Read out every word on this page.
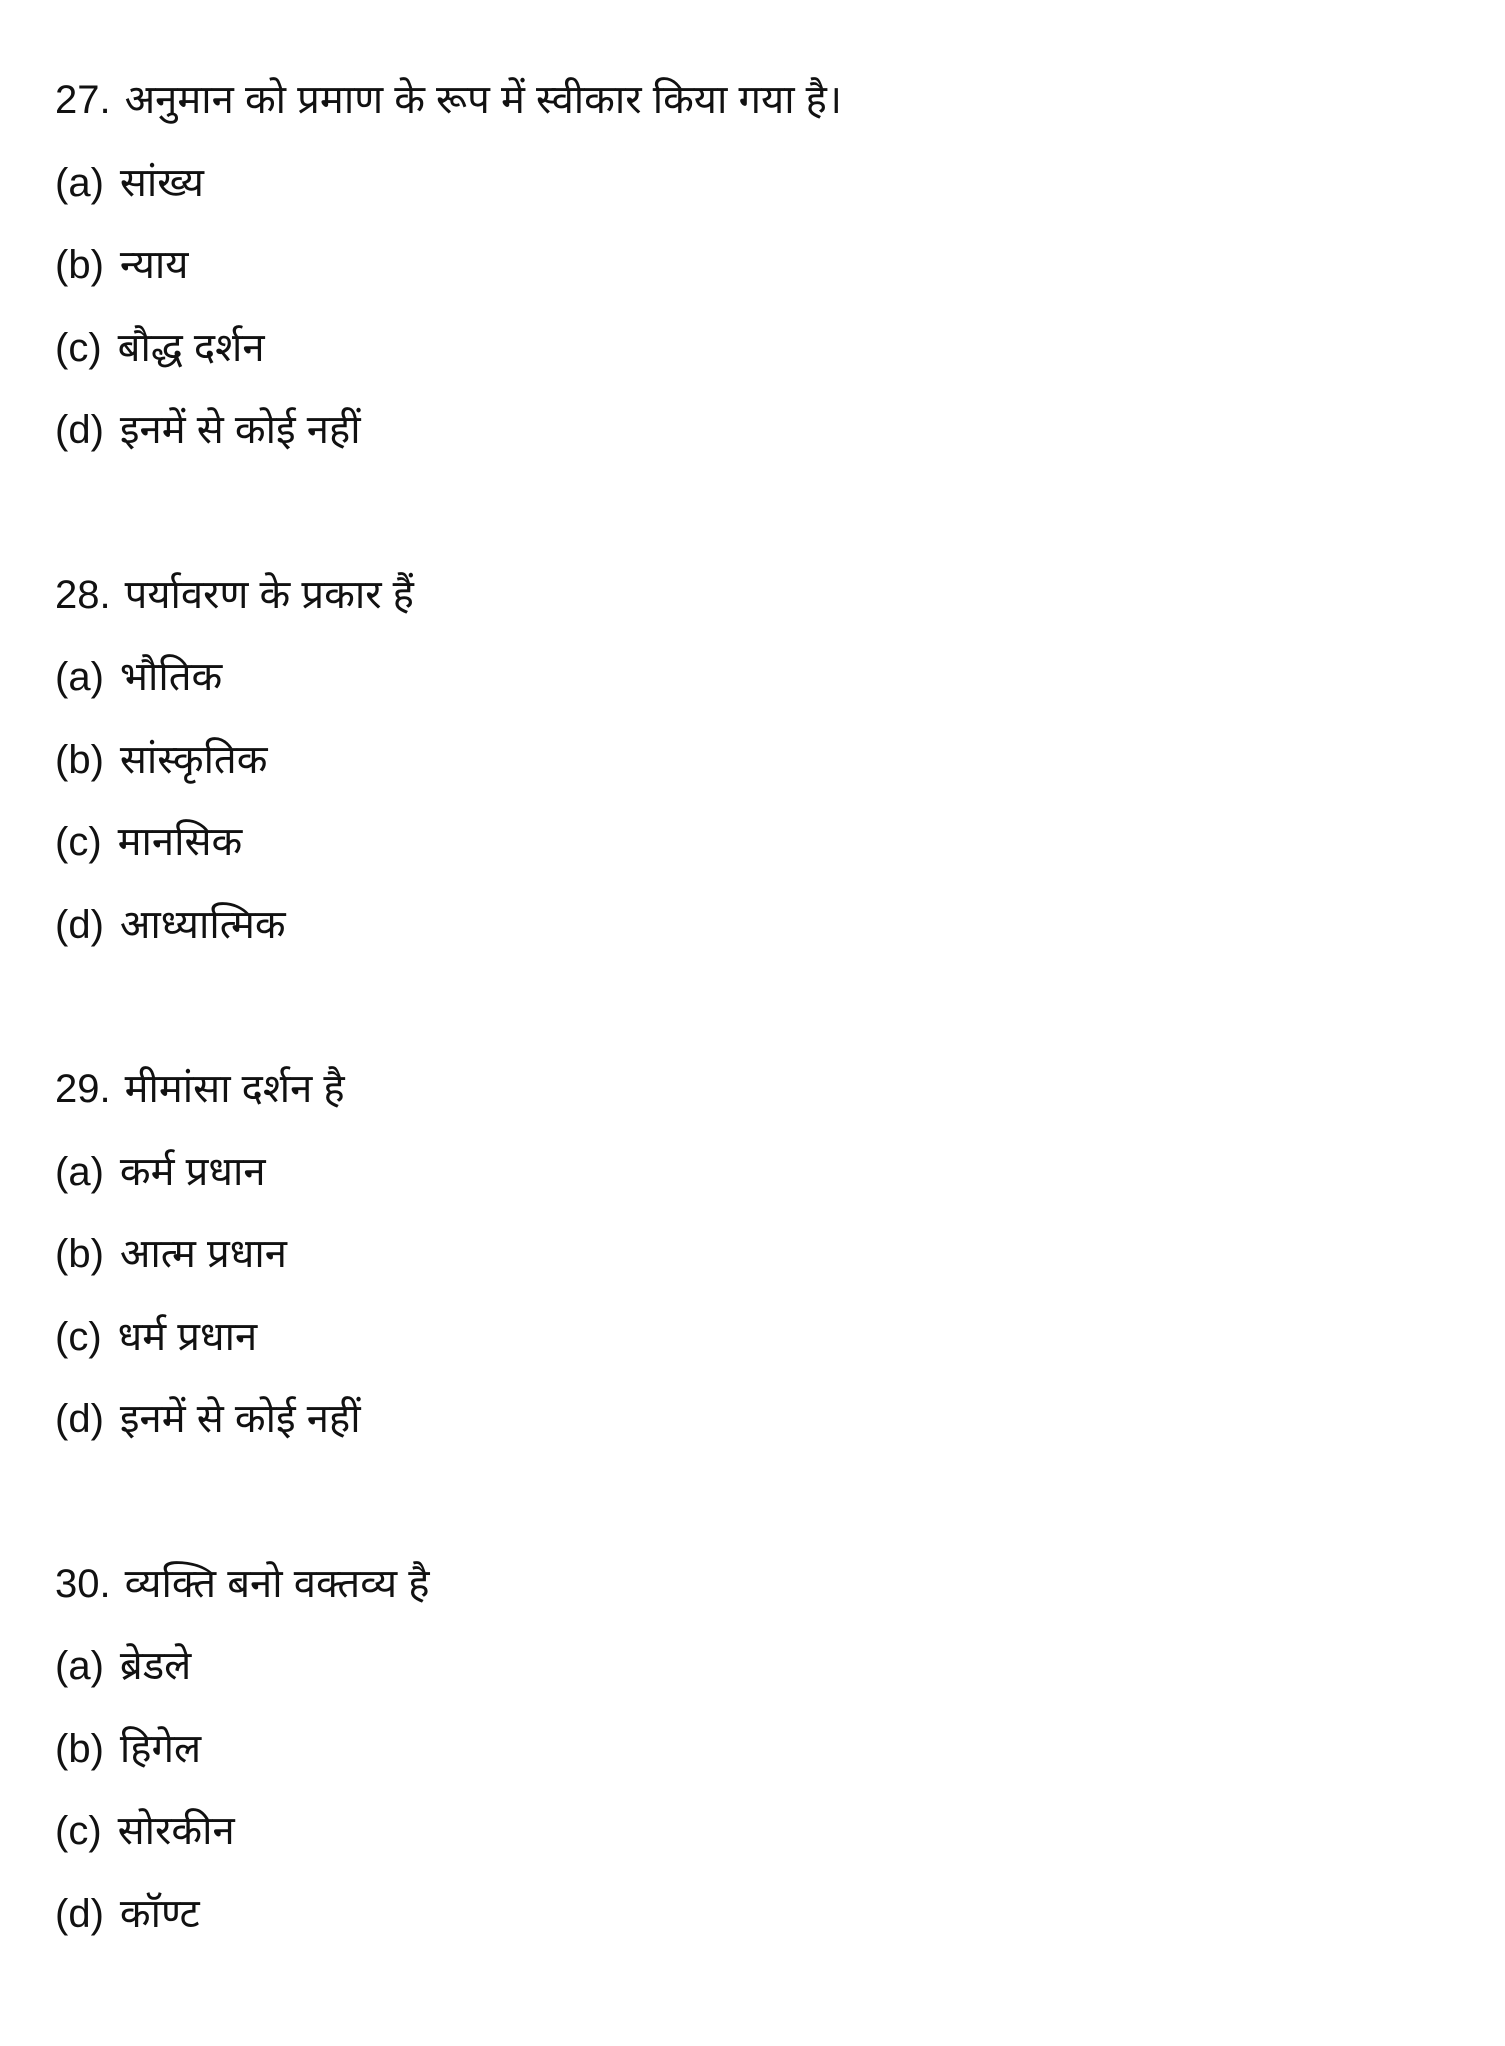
27. अनुमान को प्रमाण के रूप में स्वीकार किया गया है।
(a) सांख्य
(b) न्याय
(c) बौद्ध दर्शन
(d) इनमें से कोई नहीं
28. पर्यावरण के प्रकार हैं
(a) भौतिक
(b) सांस्कृतिक
(c) मानसिक
(d) आध्यात्मिक
29. मीमांसा दर्शन है
(a) कर्म प्रधान
(b) आत्म प्रधान
(c) धर्म प्रधान
(d) इनमें से कोई नहीं
30. व्यक्ति बनो वक्तव्य है
(a) ब्रेडले
(b) हिगेल
(c) सोरकीन
(d) कॉण्ट
